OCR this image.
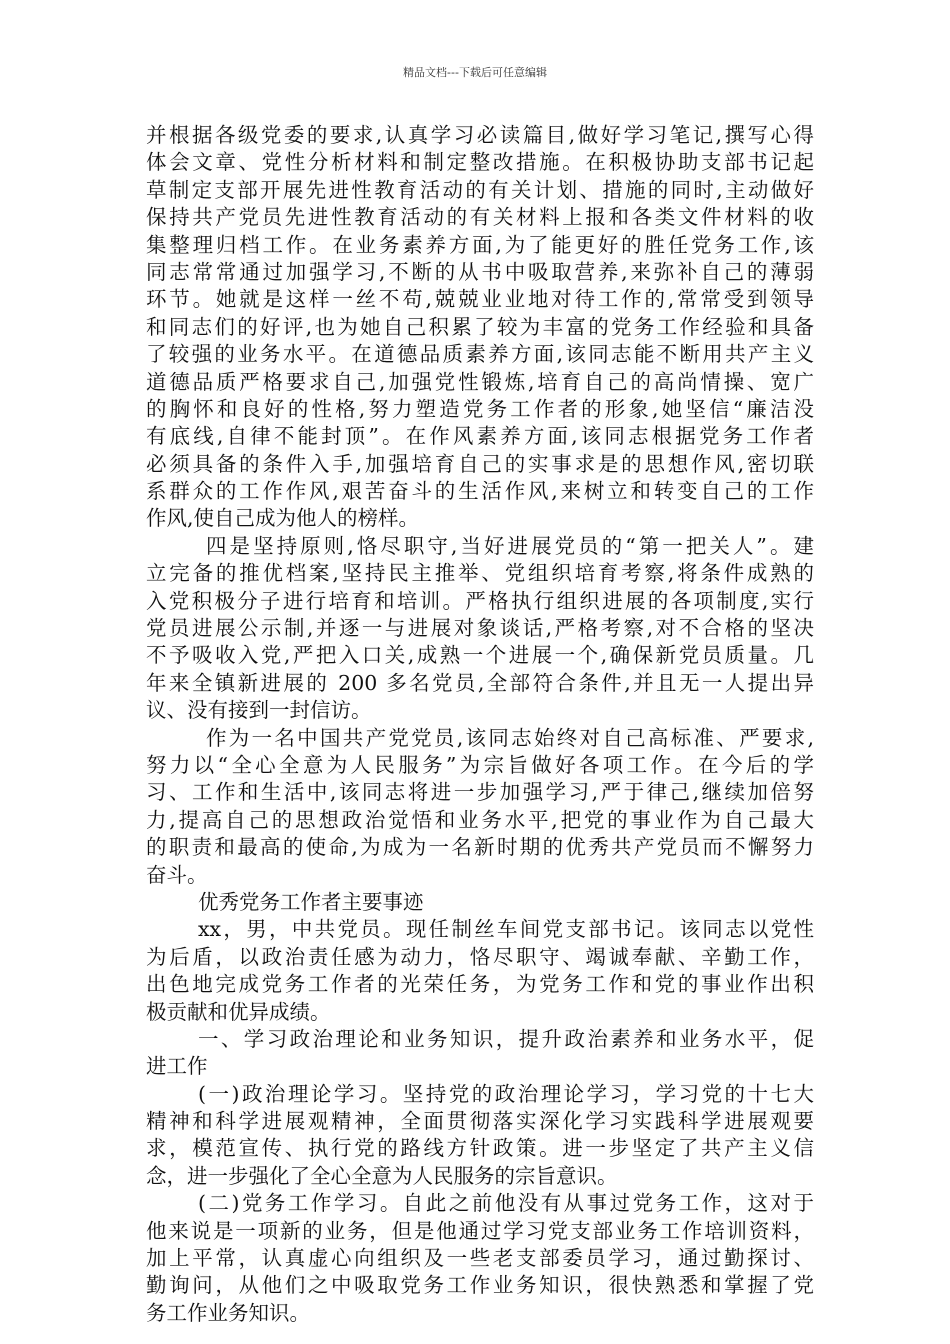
精品文档---下载后可任意编辑
并根据各级党委的要求,认真学习必读篇目,做好学习笔记,撰写心得
体会文章、党性分析材料和制定整改措施。在积极协助支部书记起
草制定支部开展先进性教育活动的有关计划、措施的同时,主动做好
保持共产党员先进性教育活动的有关材料上报和各类文件材料的收
集整理归档工作。在业务素养方面,为了能更好的胜任党务工作,该
同志常常通过加强学习,不断的从书中吸取营养,来弥补自己的薄弱
环节。她就是这样一丝不苟,兢兢业业地对待工作的,常常受到领导
和同志们的好评,也为她自己积累了较为丰富的党务工作经验和具备
了较强的业务水平。在道德品质素养方面,该同志能不断用共产主义
道德品质严格要求自己,加强党性锻炼,培育自己的高尚情操、宽广
的胸怀和良好的性格,努力塑造党务工作者的形象,她坚信“廉洁没
有底线,自律不能封顶”。在作风素养方面,该同志根据党务工作者
必须具备的条件入手,加强培育自己的实事求是的思想作风,密切联
系群众的工作作风,艰苦奋斗的生活作风,来树立和转变自己的工作
作风,使自己成为他人的榜样。
四是坚持原则,恪尽职守,当好进展党员的“第一把关人”。建
立完备的推优档案,坚持民主推举、党组织培育考察,将条件成熟的
入党积极分子进行培育和培训。严格执行组织进展的各项制度,实行
党员进展公示制,并逐一与进展对象谈话,严格考察,对不合格的坚决
不予吸收入党,严把入口关,成熟一个进展一个,确保新党员质量。几
年来全镇新进展的 200 多名党员,全部符合条件,并且无一人提出异
议、没有接到一封信访。
作为一名中国共产党党员,该同志始终对自己高标准、严要求,
努力以“全心全意为人民服务”为宗旨做好各项工作。在今后的学
习、工作和生活中,该同志将进一步加强学习,严于律己,继续加倍努
力,提高自己的思想政治觉悟和业务水平,把党的事业作为自己最大
的职责和最高的使命,为成为一名新时期的优秀共产党员而不懈努力
奋斗。
优秀党务工作者主要事迹
xx，男，中共党员。现任制丝车间党支部书记。该同志以党性
为后盾，以政治责任感为动力，恪尽职守、竭诚奉献、辛勤工作，
出色地完成党务工作者的光荣任务，为党务工作和党的事业作出积
极贡献和优异成绩。
一、学习政治理论和业务知识，提升政治素养和业务水平，促
进工作
(一)政治理论学习。坚持党的政治理论学习，学习党的十七大
精神和科学进展观精神，全面贯彻落实深化学习实践科学进展观要
求，模范宣传、执行党的路线方针政策。进一步坚定了共产主义信
念，进一步强化了全心全意为人民服务的宗旨意识。
(二)党务工作学习。自此之前他没有从事过党务工作，这对于
他来说是一项新的业务，但是他通过学习党支部业务工作培训资料，
加上平常，认真虚心向组织及一些老支部委员学习，通过勤探讨、
勤询问，从他们之中吸取党务工作业务知识，很快熟悉和掌握了党
务工作业务知识。
